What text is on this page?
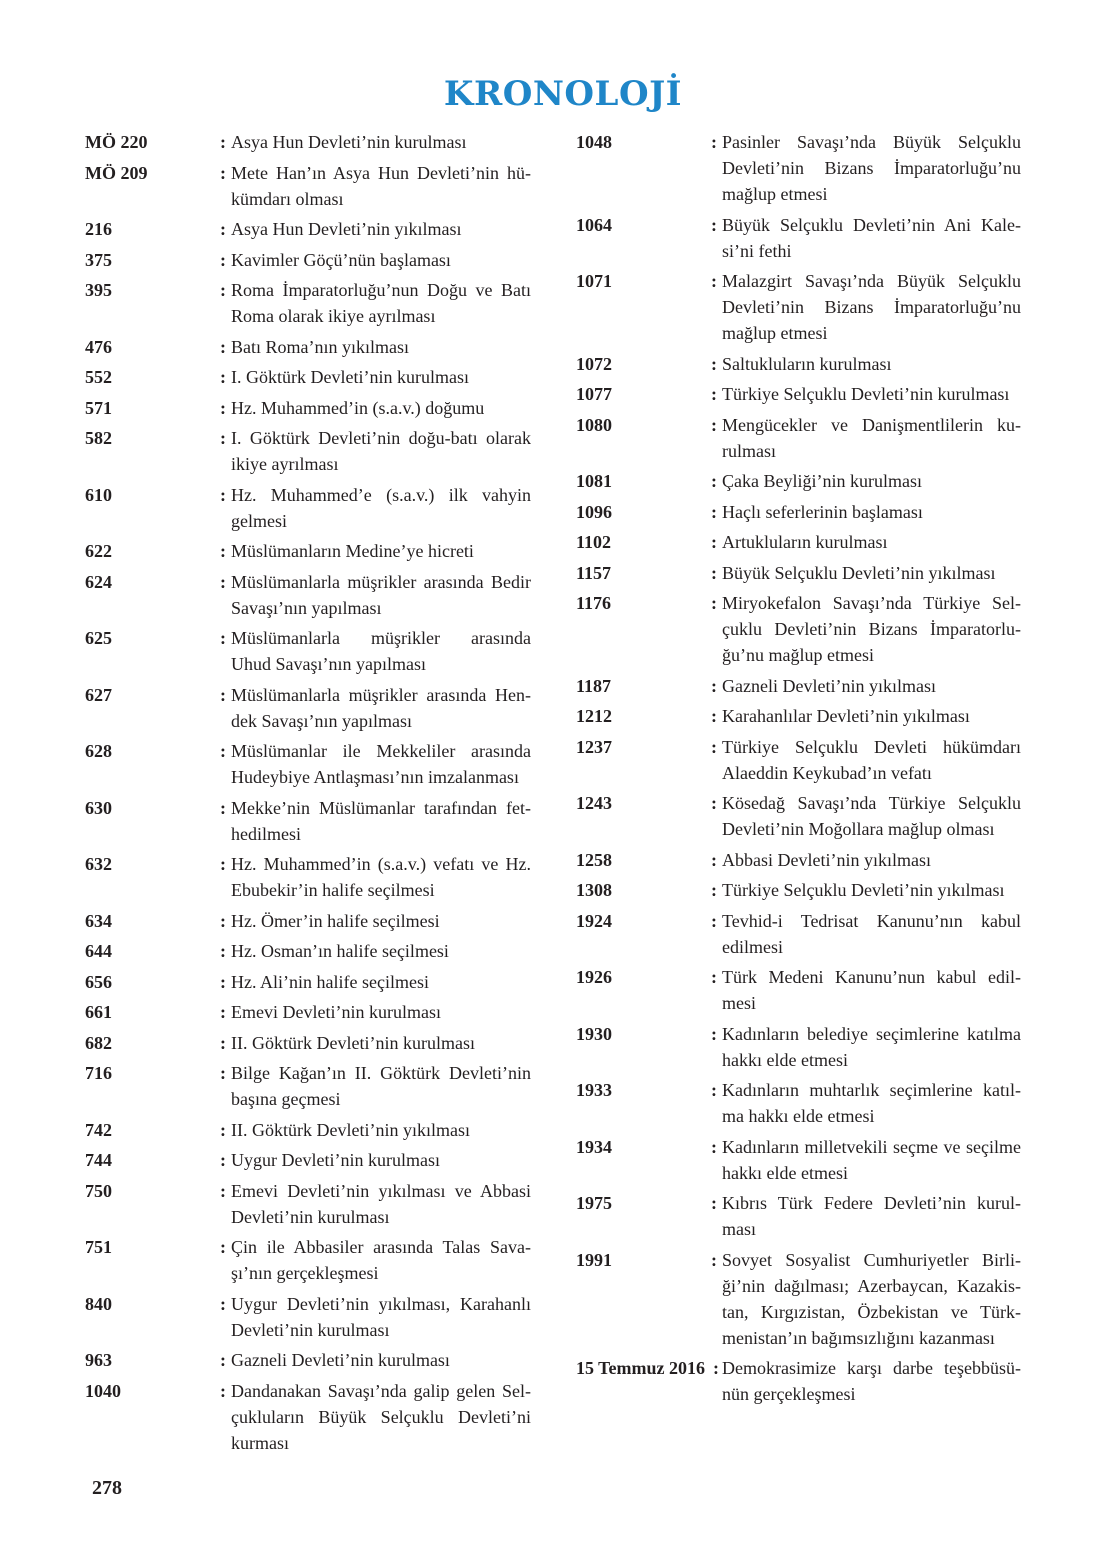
KRONOLOJİ
MÖ 220	: Asya Hun Devleti’nin kurulması
MÖ 209	: Mete Han’ın Asya Hun Devleti’nin hü-
kümdarı olması
216	: Asya Hun Devleti’nin yıkılması
375	: Kavimler Göçü’nün başlaması
395	: Roma İmparatorluğu’nun Doğu ve Batı
Roma olarak ikiye ayrılması
476	: Batı Roma’nın yıkılması
552	: I. Göktürk Devleti’nin kurulması
571	: Hz. Muhammed’in (s.a.v.) doğumu
582	: I. Göktürk Devleti’nin doğu-batı olarak
ikiye ayrılması
610	: Hz. Muhammed’e (s.a.v.) ilk vahyin
gelmesi
622	: Müslümanların Medine’ye hicreti
624	: Müslümanlarla müşrikler arasında Bedir
Savaşı’nın yapılması
625	: Müslümanlarla müşrikler arasında
Uhud Savaşı’nın yapılması
627	: Müslümanlarla müşrikler arasında Hen-
dek Savaşı’nın yapılması
628	: Müslümanlar ile Mekkeliler arasında
Hudeybiye Antlaşması’nın imzalanması
630	: Mekke’nin Müslümanlar tarafından fet-
hedilmesi
632	: Hz. Muhammed’in (s.a.v.) vefatı ve Hz.
Ebubekir’in halife seçilmesi
634	: Hz. Ömer’in halife seçilmesi
644	: Hz. Osman’ın halife seçilmesi
656	: Hz. Ali’nin halife seçilmesi
661	: Emevi Devleti’nin kurulması
682	: II. Göktürk Devleti’nin kurulması
716	: Bilge Kağan’ın II. Göktürk Devleti’nin
başına geçmesi
742	: II. Göktürk Devleti’nin yıkılması
744	: Uygur Devleti’nin kurulması
750	: Emevi Devleti’nin yıkılması ve Abbasi
Devleti’nin kurulması
751	: Çin ile Abbasiler arasında Talas Sava-
şı’nın gerçekleşmesi
840	: Uygur Devleti’nin yıkılması, Karahanlı
Devleti’nin kurulması
963	: Gazneli Devleti’nin kurulması
1040	: Dandanakan Savaşı’nda galip gelen Sel-
çukluların Büyük Selçuklu Devleti’ni
kurması
1048	: Pasinler Savaşı’nda Büyük Selçuklu
Devleti’nin Bizans İmparatorluğu’nu
mağlup etmesi
1064	: Büyük Selçuklu Devleti’nin Ani Kale-
si’ni fethi
1071	: Malazgirt Savaşı’nda Büyük Selçuklu
Devleti’nin Bizans İmparatorluğu’nu
mağlup etmesi
1072	: Saltukluların kurulması
1077	: Türkiye Selçuklu Devleti’nin kurulması
1080	: Mengücekler ve Danişmentlilerin ku-
rulması
1081	: Çaka Beyliği’nin kurulması
1096	: Haçlı seferlerinin başlaması
1102	: Artukluların kurulması
1157	: Büyük Selçuklu Devleti’nin yıkılması
1176	: Miryokefalon Savaşı’nda Türkiye Sel-
çuklu Devleti’nin Bizans İmparatorlu-
ğu’nu mağlup etmesi
1187	: Gazneli Devleti’nin yıkılması
1212	: Karahanlılar Devleti’nin yıkılması
1237	: Türkiye Selçuklu Devleti hükümdarı
Alaeddin Keykubad’ın vefatı
1243	: Kösedağ Savaşı’nda Türkiye Selçuklu
Devleti’nin Moğollara mağlup olması
1258	: Abbasi Devleti’nin yıkılması
1308	: Türkiye Selçuklu Devleti’nin yıkılması
1924	: Tevhid-i Tedrisat Kanunu’nın kabul
edilmesi
1926	: Türk Medeni Kanunu’nun kabul edil-
mesi
1930	: Kadınların belediye seçimlerine katılma
hakkı elde etmesi
1933	: Kadınların muhtarlık seçimlerine katıl-
ma hakkı elde etmesi
1934	: Kadınların milletvekili seçme ve seçilme
hakkı elde etmesi
1975	: Kıbrıs Türk Federe Devleti’nin kurul-
ması
1991	: Sovyet Sosyalist Cumhuriyetler Birli-
ği’nin dağılması; Azerbaycan, Kazakis-
tan, Kırgızistan, Özbekistan ve Türk-
menistan’ın bağımsızlığını kazanması
15 Temmuz 2016 : Demokrasimize karşı darbe teşebbüsü-
nün gerçekleşmesi
278
